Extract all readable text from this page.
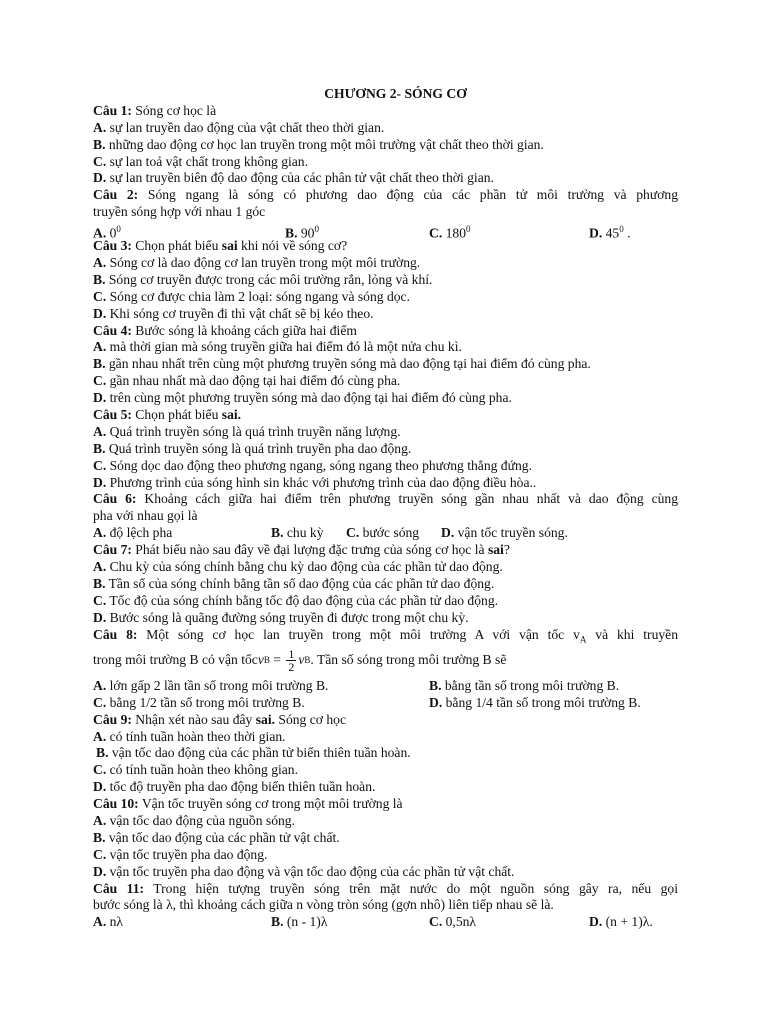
CHƯƠNG 2- SÓNG CƠ
Câu 1: Sóng cơ học là
A. sự lan truyền dao động của vật chất theo thời gian.
B. những dao động cơ học lan truyền trong một môi trường vật chất theo thời gian.
C. sự lan toả vật chất trong không gian.
D. sự lan truyền biên độ dao động của các phân tử vật chất theo thời gian.
Câu 2: Sóng ngang là sóng có phương dao động của các phần tử môi trường và phương
truyền sóng hợp với nhau 1 góc
A. $0^0$	B. $90^0$	C. $180^0$	D. $45^0$ .
Câu 3: Chọn phát biểu sai khi nói về sóng cơ?
A. Sóng cơ là dao động cơ lan truyền trong một môi trường.
B. Sóng cơ truyền được trong các môi trường rắn, lỏng và khí.
C. Sóng cơ được chia làm 2 loại: sóng ngang và sóng dọc.
D. Khi sóng cơ truyền đi thì vật chất sẽ bị kéo theo.
Câu 4: Bước sóng là khoảng cách giữa hai điểm
A. mà thời gian mà sóng truyền giữa hai điểm đó là một nửa chu kì.
B. gần nhau nhất trên cùng một phương truyền sóng mà dao động tại hai điểm đó cùng pha.
C. gần nhau nhất mà dao động tại hai điểm đó cùng pha.
D. trên cùng một phương truyền sóng mà dao động tại hai điểm đó cùng pha.
Câu 5: Chọn phát biểu sai.
A. Quá trình truyền sóng là quá trình truyền năng lượng.
B. Quá trình truyền sóng là quá trình truyền pha dao động.
C. Sóng dọc dao động theo phương ngang, sóng ngang theo phương thẳng đứng.
D. Phương trình của sóng hình sin khác với phương trình của dao động điều hòa..
Câu 6: Khoảng cách giữa hai điểm trên phương truyền sóng gần nhau nhất và dao động cùng
pha với nhau gọi là
A. độ lệch pha	B. chu kỳ	C. bước sóng	D. vận tốc truyền sóng.
Câu 7: Phát biểu nào sau đây về đại lượng đặc trưng của sóng cơ học là sai?
A. Chu kỳ của sóng chính bằng chu kỳ dao động của các phần tử dao động.
B. Tần số của sóng chính bằng tần số dao động của các phần tử dao động.
C. Tốc độ của sóng chính bằng tốc độ dao động của các phần tử dao động.
D. Bước sóng là quãng đường sóng truyền đi được trong một chu kỳ.
Câu 8: Một sóng cơ học lan truyền trong một môi trường A với vận tốc $v_A$ và khi truyền
trong môi trường B có vận tốc v $B = \frac{1}{2}$ v B . Tần số sóng trong môi trường B sẽ
A. lớn gấp 2 lần tần số trong môi trường B.	B. bằng tần số trong môi trường B.
C. bằng 1/2 tần số trong môi trường B.	D. bằng 1/4 tần số trong môi trường B.
Câu 9: Nhận xét nào sau đây sai. Sóng cơ học
A. có tính tuần hoàn theo thời gian.
B. vận tốc dao động của các phần tử biến thiên tuần hoàn.
C. có tính tuần hoàn theo không gian.
D. tốc độ truyền pha dao động biến thiên tuần hoàn.
Câu 10: Vận tốc truyền sóng cơ trong một môi trường là
A. vận tốc dao động của nguồn sóng.
B. vận tốc dao động của các phần tử vật chất.
C. vận tốc truyền pha dao động.
D. vận tốc truyền pha dao động và vận tốc dao động của các phần tử vật chất.
Câu 11: Trong hiện tượng truyền sóng trên mặt nước do một nguồn sóng gây ra, nếu gọi
bước sóng là λ, thì khoảng cách giữa n vòng tròn sóng (gợn nhô) liên tiếp nhau sẽ là.
A. nλ	B. (n - 1)λ	C. 0,5nλ	D. (n + 1)λ.
